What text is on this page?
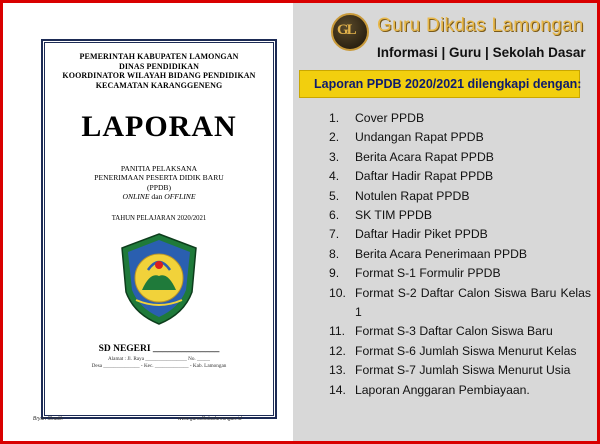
PEMERINTAH KABUPATEN LAMONGAN
DINAS PENDIDIKAN
KOORDINATOR WILAYAH BIDANG PENDIDIKAN
KECAMATAN KARANGGENENG
LAPORAN
PANITIA PELAKSANA
PENERIMAAN PESERTA DIDIK BARU
(PPDB)
ONLINE dan OFFLINE
TAHUN PELAJARAN 2020/2021
SD NEGERI ______________
Alamat : Jl. Raya ________________ No. _____
Desa ______________ - Kec. _____________ - Kab. Lamongan
Bryan Shadik	www.gurudikdaslamongan.id
GL Guru Dikdas Lamongan
Informasi | Guru | Sekolah Dasar
Laporan PPDB 2020/2021 dilengkapi dengan:
1.	Cover PPDB
2.	Undangan Rapat PPDB
3.	Berita Acara Rapat PPDB
4.	Daftar Hadir Rapat PPDB
5.	Notulen Rapat PPDB
6.	SK TIM PPDB
7.	Daftar Hadir Piket PPDB
8.	Berita Acara Penerimaan PPDB
9.	Format S-1 Formulir PPDB
10. Format S-2 Daftar Calon Siswa Baru Kelas 1
11. Format S-3 Daftar Calon Siswa Baru
12. Format S-6 Jumlah Siswa Menurut Kelas
13. Format S-7 Jumlah Siswa Menurut Usia
14. Laporan Anggaran Pembiayaan.
